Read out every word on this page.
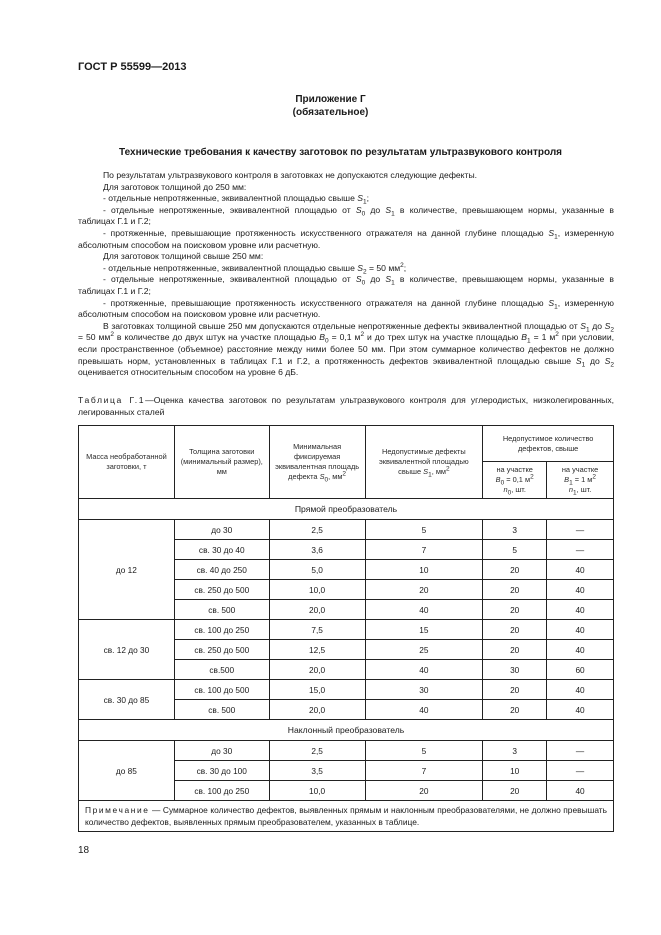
ГОСТ Р 55599—2013
Приложение Г
(обязательное)
Технические требования к качеству заготовок по результатам ультразвукового контроля

По результатам ультразвукового контроля в заготовках не допускаются следующие дефекты.

Для заготовок толщиной до 250 мм:

- отдельные непротяженные, эквивалентной площадью свыше $S_1$;

- отдельные непротяженные, эквивалентной площадью от $S_0$ до $S_1$ в количестве, превышающем нормы, указанные в таблицах Г.1 и Г.2;

- протяженные, превышающие протяженность искусственного отражателя на данной глубине площадью $S_1$, измеренную абсолютным способом на поисковом уровне или расчетную.

Для заготовок толщиной свыше 250 мм:

- отдельные непротяженные, эквивалентной площадью свыше $S_2 = 50$ $мм^2$;

- отдельные непротяженные, эквивалентной площадью от $S_0$ до $S_1$ в количестве, превышающем нормы, указанные в таблицах Г.1 и Г.2;

- протяженные, превышающие протяженность искусственного отражателя на данной глубине площадью $S_1$, измеренную абсолютным способом на поисковом уровне или расчетную.

В заготовках толщиной свыше 250 мм допускаются отдельные непротяженные дефекты эквивалентной площадью от $S_1$ до $S_2 = 50$ $мм^2$ в количестве до двух штук на участке площадью $B_0 = 0,1$ $м^2$ и до трех штук на участке площадью $B_1 = 1$ $м^2$ при условии, если пространственное (объемное) расстояние между ними более 50 мм. При этом суммарное количество дефектов не должно превышать норм, установленных в таблицах Г.1 и Г.2, а протяженность дефектов эквивалентной площадью свыше $S_1$ до $S_2$ оценивается относительным способом на уровне 6 дБ.

Таблица Г.1—Оценка качества заготовок по результатам ультразвукового контроля для углеродистых, низколегированных, легированных сталей
Масса необработанной заготовки, т	Толщина заготовки (минимальный размер), мм	Минимальная фиксируемая эквивалентная площадь дефекта $S_0$, $мм^2$	Недопустимые дефекты эквивалентной площадью свыше $S_1$, $мм^2$	Недопустимое количество дефектов, свыше	
				на участке
$B_0 = 0,1$ $м^2$
$n_0$, шт.	на участке
$B_1 = 1$ $м^2$
$n_1$, шт.
Прямой преобразователь					
до 12	до 30	2,5	5	3	—
	св. 30 до 40	3,6	7	5	—
	св. 40 до 250	5,0	10	20	40
	св. 250 до 500	10,0	20	20	40
	св. 500	20,0	40	20	40
св. 12 до 30	св. 100 до 250	7,5	15	20	40
	св. 250 до 500	12,5	25	20	40
	св.500	20,0	40	30	60
св. 30 до 85	св. 100 до 500	15,0	30	20	40
	св. 500	20,0	40	20	40
Наклонный преобразователь					
до 85	до 30	2,5	5	3	—
	св. 30 до 100	3,5	7	10	—
	св. 100 до 250	10,0	20	20	40
Примечание — Суммарное количество дефектов, выявленных прямым и наклонным преобразователями, не должно превышать количество дефектов, выявленных прямым преобразователем, указанных в таблице.					
18
